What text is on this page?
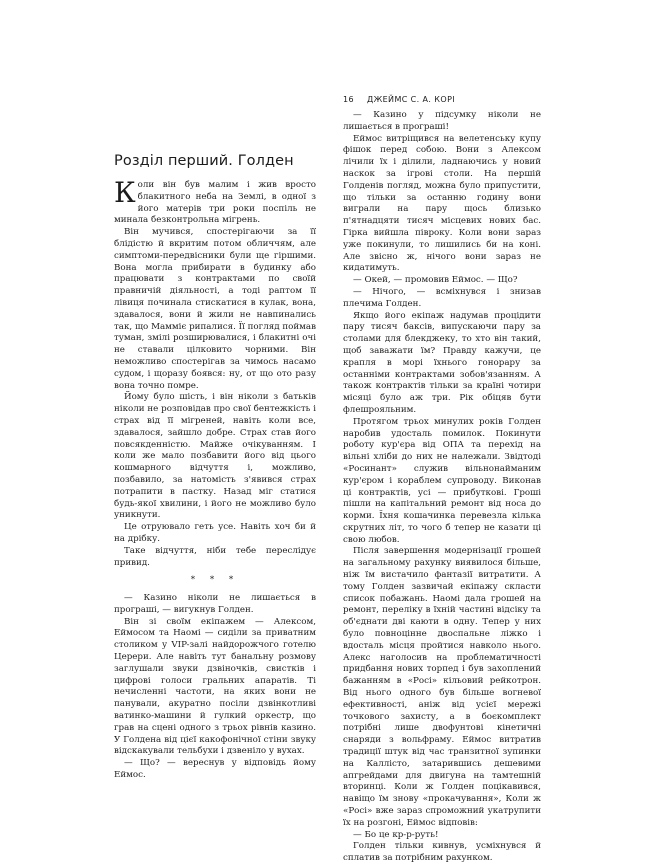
16 ДЖЕЙМС С. А. КОРІ
Розділ перший. Голден

Коли він був малим і жив вросто блакитного неба на Землі, в одної з його матерів три роки поспіль не минала безконтрольна мігрень.

Він мучився, спостерігаючи за її блідістю й вкритим потом обличчям, але симптоми-передвісники були ще гіршими. Вона могла прибирати в будинку або працювати з контрактами по своїй правничій діяльності, а тоді раптом її лівиця починала стискатися в кулак, вона, здавалося, вони й жили не навпинались так, що Мамміє рипалися. Її погляд поймав туман, змілі розширювалися, і блакитні очі не ставали цілковито чорними. Він неможливо спостерігав за чимось насамо судом, і щоразу боявся: ну, от що ото разу вона точно помре.

Йому було шість, і він ніколи з батьків ніколи не розповідав про свої бентежкість і страх від її мігреней, навіть коли все, здавалося, зайшло добре. Страх став його повсякденністю. Майже очікуванням. І коли же мало позбавити його від цього кошмарного відчуття і, можливо, позбавило, за натомість з'явився страх потрапити в пастку. Назад міг статися будь-якої хвилини, і його не можливо було уникнути.

Це отруювало геть усе. Навіть хоч би й на дрібку.

Таке відчуття, ніби тебе переслідує привид.

* * *

— Казино ніколи не лишається в програші, — вигукнув Голден.

Він зі своїм екіпажем — Алексом, Еймосом та Наомі — сиділи за приватним столиком у VIP-залі найдорожчого готелю Церери. Але навіть тут банальну розмову заглушали звуки дзвіночків, свистків і цифрові голоси гральних апаратів. Ті нечисленні частоти, на яких вони не панували, акуратно посіли дзвінкотливі ватинко-машини й гулкий оркестр, що грав на сцені одного з трьох рівнів казино. У Голдена від цієї какофонічної стіни звуку відскакували тельбухи і дзвеніло у вухах.

— Що? — вереснув у відповідь йому Еймос.

— Казино у підсумку ніколи не лишається в програші!

Еймос витріщився на велетенську купу фішок перед собою. Вони з Алексом лічили їх і ділили, ладнаючись у новий наскок за ігрові столи. На першій Голденів погляд, можна було припустити, що тільки за останню годину вони виграли на пару щось близько п'ятнадцяти тисяч місцевих нових бас. Гірка вийшла півроку. Коли вони зараз уже покинули, то лишились би на коні. Але звісно ж, нічого вони зараз не кидатимуть.

— Окей, — промовив Еймос. — Що?

— Нічого, — всміхнувся і знизав плечима Голден.

Якщо його екіпаж надумав процідити пару тисяч баксів, випускаючи пару за столами для блекджеку, то хто він такий, щоб заважати їм? Правду кажучи, це крапля в морі їхнього гонорару за останніми контрактами зобов'язанням. А також контрактів тільки за країні чотири місяці було аж три. Рік обіцяв бути флешрояльним.

Протягом трьох минулих років Голден наробив удосталь помилок. Покинути роботу кур'єра від ОПА та перехід на вільні хліби до них не належали. Звідтоді «Росинант» служив вільнонайманим кур'єром і кораблем супроводу. Виконав ці контрактів, усі — прибуткові. Гроші пішли на капітальний ремонт від носа до корми. Їхня кошачинка перевезла кілька скрутних літ, то чого б тепер не казати ці свою любов.

Після завершення модернізації грошей на загальному рахунку виявилося більше, ніж їм вистачило фантазії витратити. А тому Голден зазвичай екіпажу скласти список побажань. Наомі дала грошей на ремонт, переліку в їхній частині відсіку та об'єднати дві каюти в одну. Тепер у них було повноцінне двоспальне ліжко і вдосталь місця пройтися навколо нього. Алекс наголосив на проблематичності придбання нових торпед і був захоплений бажанням в «Росі» кільовий рейкотрон. Від нього одного був більше вогневої ефективності, аніж від усієї мережі точкового захисту, а в боєкомплект потрібні лише двофунтові кінетичні снаряди з вольфраму. Еймос витратив традиції штук від час транзитної зупинки на Каллісто, затарившись дешевими апгрейдами для двигуна на тамтешній вторинці. Коли ж Голден поцікавився, навіщо їм знову «прокачування», Коли ж «Росі» вже зараз спроможний укатрупити їх на розгоні, Еймос відповів:

— Бо це кр-р-руть!

Голден тільки кивнув, усміхнувся й сплатив за потрібним рахунком.
